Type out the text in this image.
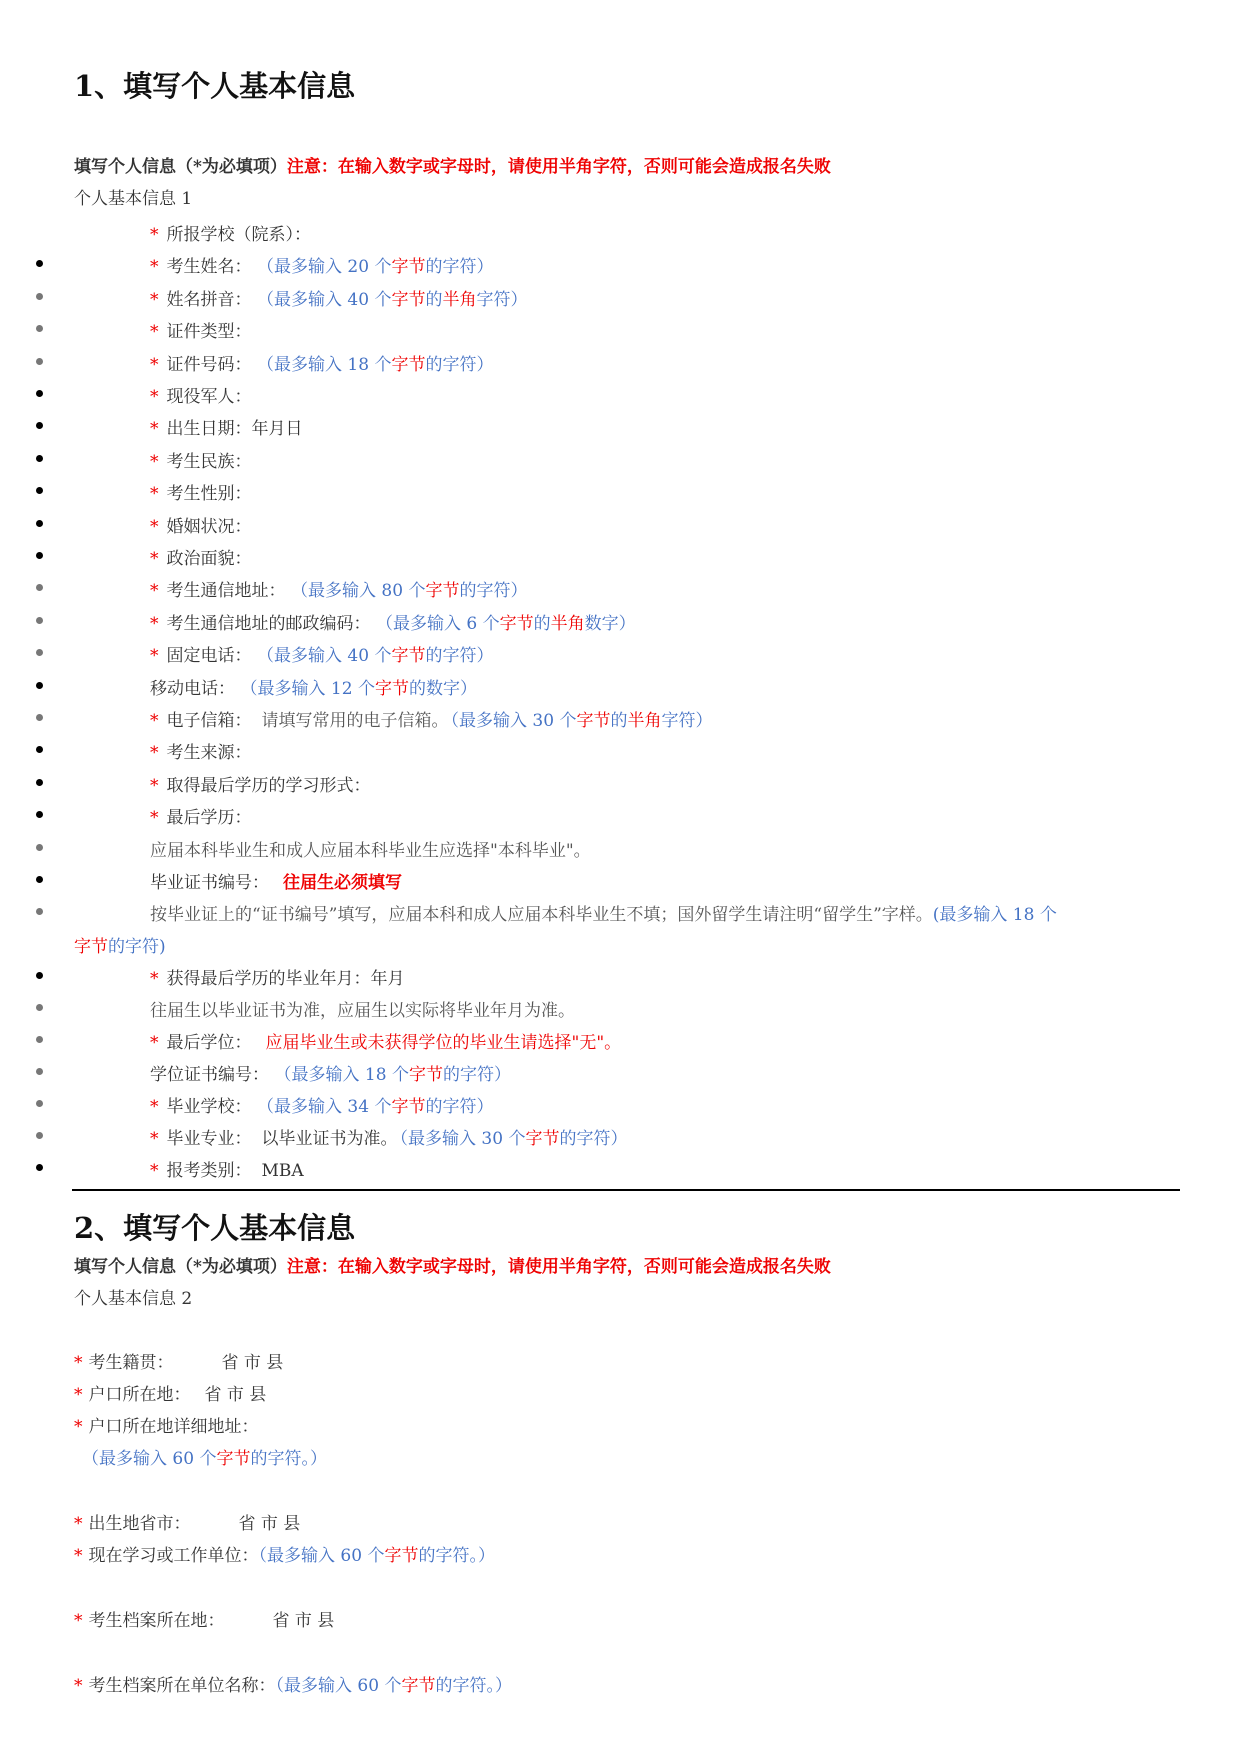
1、填写个人基本信息
填写个人信息（*为必填项）注意：在输入数字或字母时，请使用半角字符，否则可能会造成报名失败
个人基本信息 1
* 所报学校（院系）：
* 考生姓名： （最多输入 20 个字节的字符）
* 姓名拼音： （最多输入 40 个字节的半角字符）
* 证件类型：
* 证件号码： （最多输入 18 个字节的字符）
* 现役军人：
* 出生日期：年月日
* 考生民族：
* 考生性别：
* 婚姻状况：
* 政治面貌：
* 考生通信地址： （最多输入 80 个字节的字符）
* 考生通信地址的邮政编码： （最多输入 6 个字节的半角数字）
* 固定电话： （最多输入 40 个字节的字符）
移动电话： （最多输入 12 个字节的数字）
* 电子信箱： 请填写常用的电子信箱。 （最多输入 30 个字节的半角字符）
* 考生来源：
* 取得最后学历的学习形式：
* 最后学历：
应届本科毕业生和成人应届本科毕业生应选择"本科毕业"。
毕业证书编号： 往届生必须填写
按毕业证上的“证书编号”填写，应届本科和成人应届本科毕业生不填；国外留学生请注明“留学生”字样。(最多输入 18 个
字节的字符)
* 获得最后学历的毕业年月：年月
往届生以毕业证书为准，应届生以实际将毕业年月为准。
* 最后学位： 应届毕业生或未获得学位的毕业生请选择"无"。
学位证书编号： （最多输入 18 个字节的字符）
* 毕业学校： （最多输入 34 个字节的字符）
* 毕业专业： 以毕业证书为准。 （最多输入 30 个字节的字符）
* 报考类别： MBA
2、填写个人基本信息
填写个人信息（*为必填项）注意：在输入数字或字母时，请使用半角字符，否则可能会造成报名失败
个人基本信息 2
* 考生籍贯：	省 市 县
* 户口所在地： 省 市 县
* 户口所在地详细地址：
（最多输入 60 个字节的字符。）
* 出生地省市：	省 市 县
* 现在学习或工作单位：（最多输入 60 个字节的字符。）
* 考生档案所在地：	省 市 县
* 考生档案所在单位名称：（最多输入 60 个字节的字符。）
